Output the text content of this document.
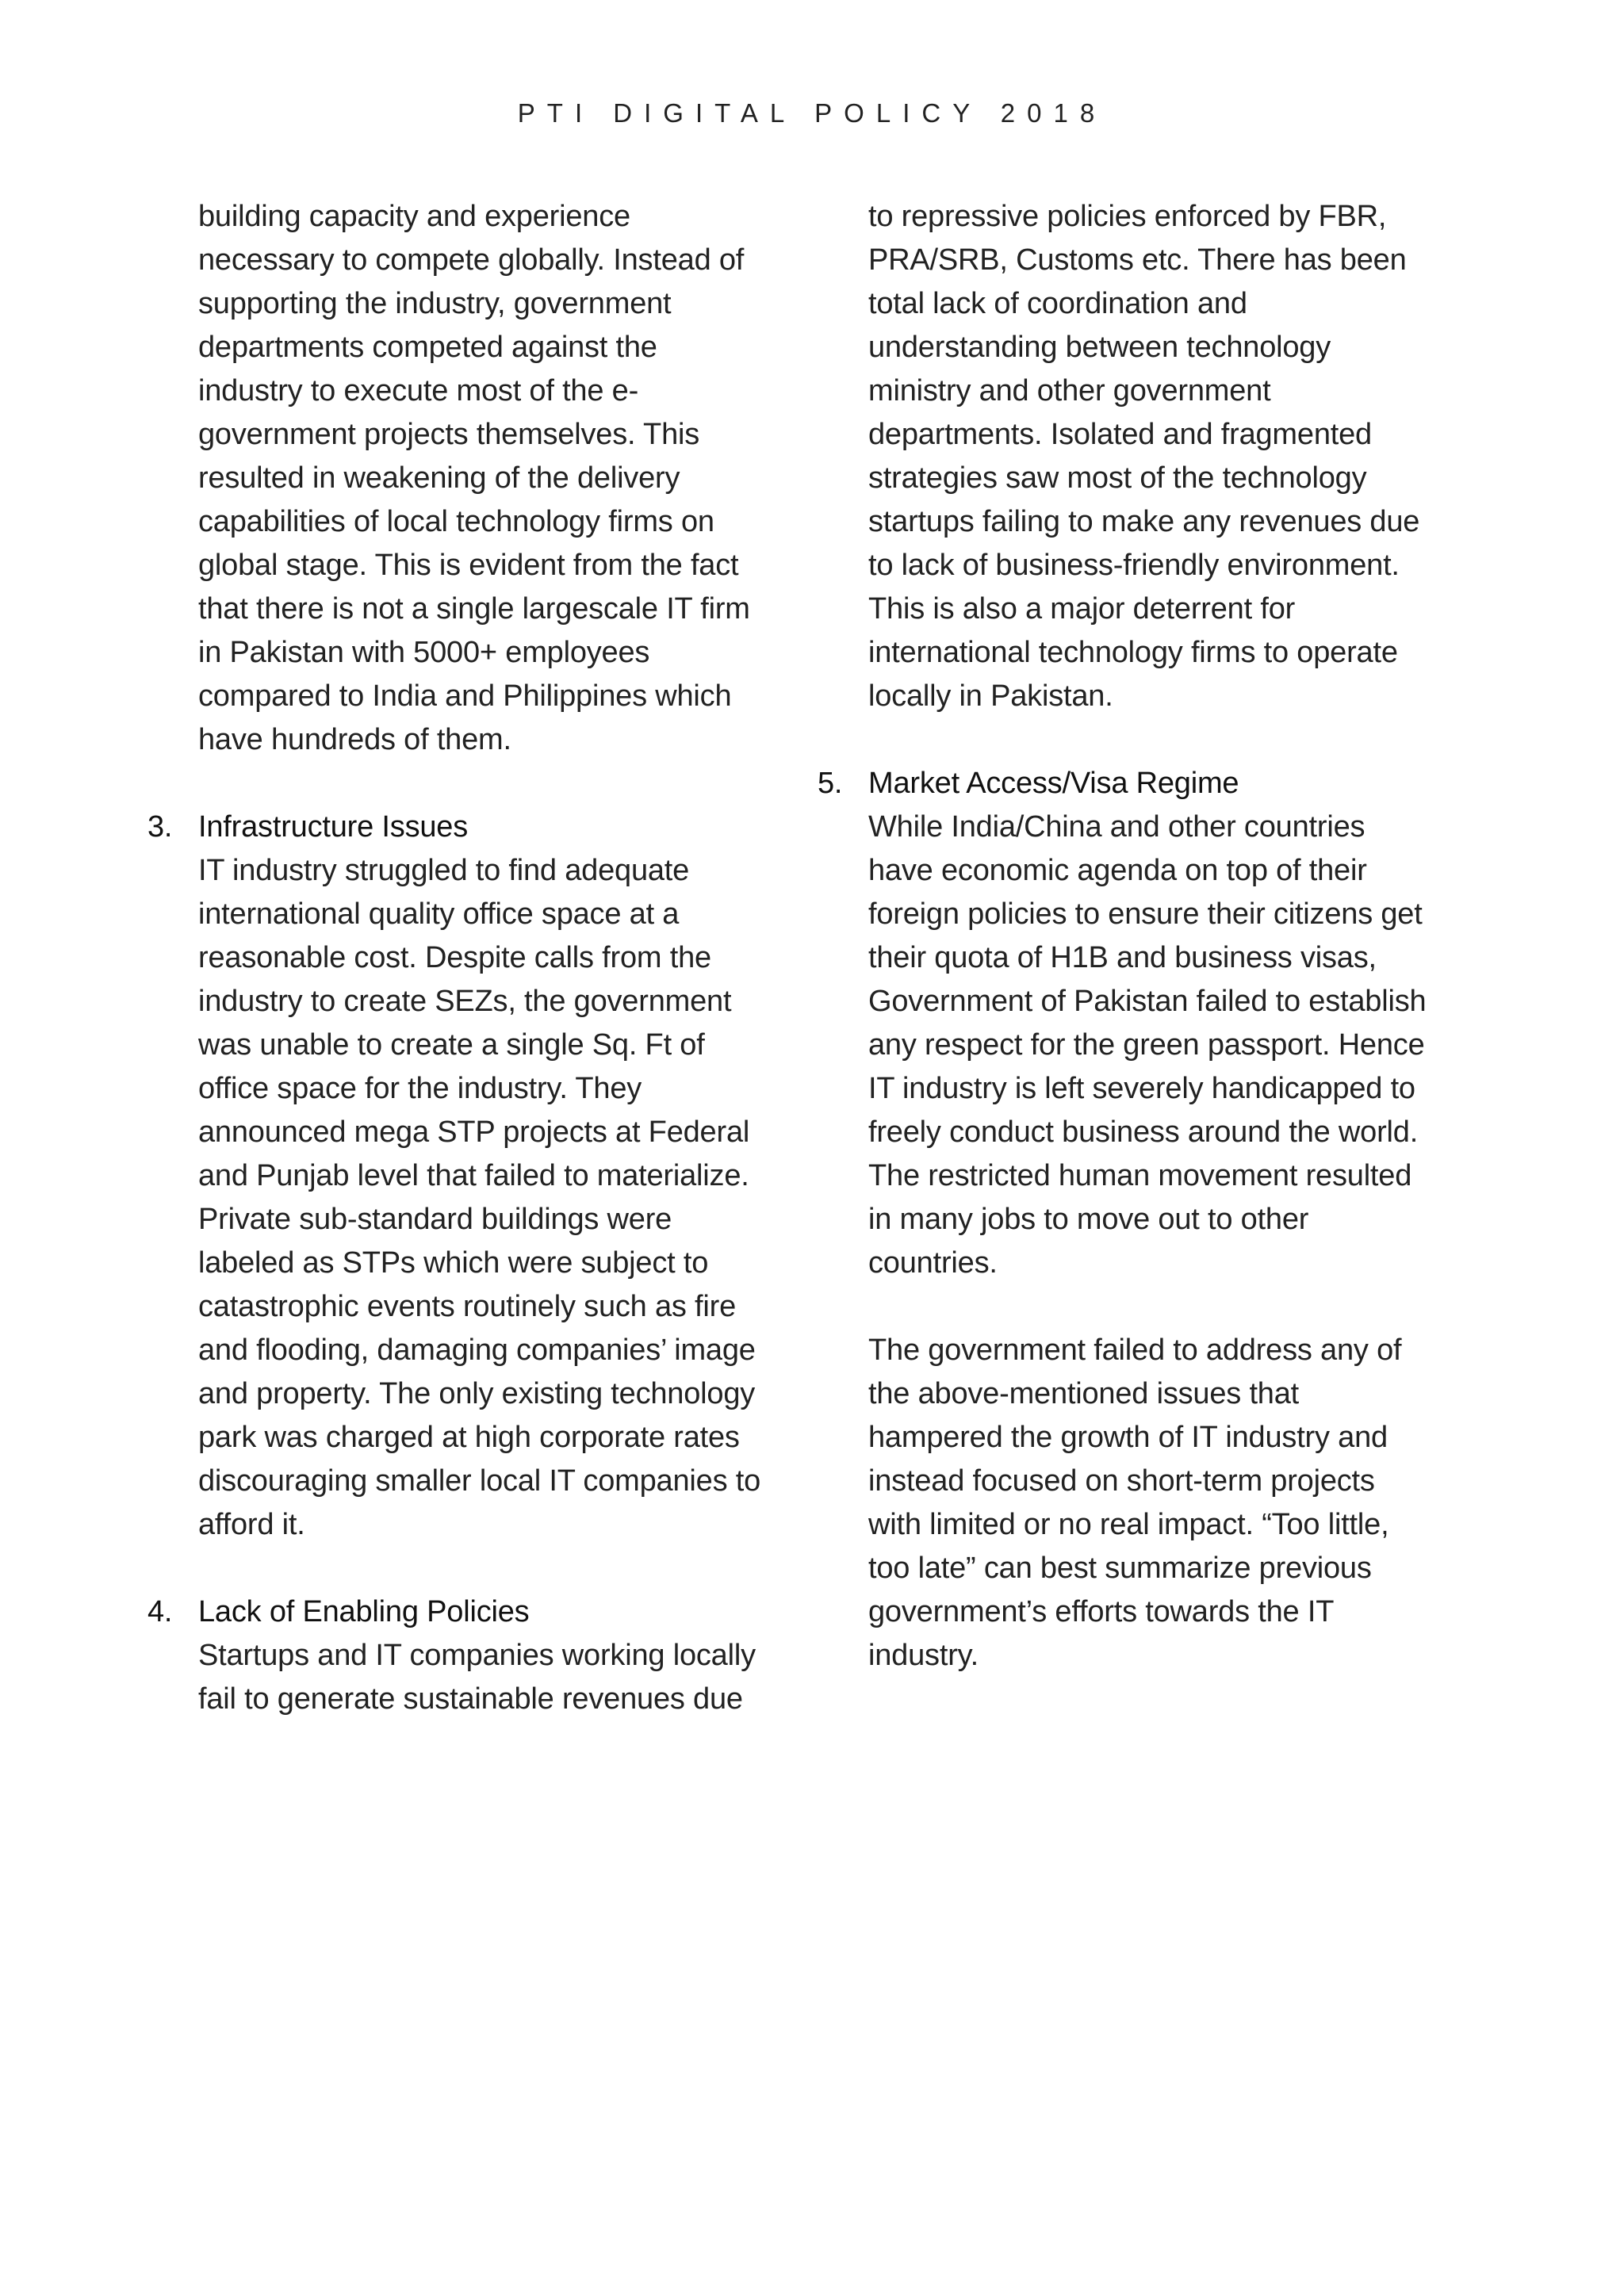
PTI DIGITAL POLICY 2018

building capacity and experience
necessary to compete globally. Instead of
supporting the industry, government
departments competed against the
industry to execute most of the e-
government projects themselves. This
resulted in weakening of the delivery
capabilities of local technology firms on
global stage. This is evident from the fact
that there is not a single largescale IT firm
in Pakistan with 5000+ employees
compared to India and Philippines which
have hundreds of them.

3. Infrastructure Issues

IT industry struggled to find adequate
international quality office space at a
reasonable cost. Despite calls from the
industry to create SEZs, the government
was unable to create a single Sq. Ft of
office space for the industry. They
announced mega STP projects at Federal
and Punjab level that failed to materialize.
Private sub-standard buildings were
labeled as STPs which were subject to
catastrophic events routinely such as fire
and flooding, damaging companies’ image
and property. The only existing technology
park was charged at high corporate rates
discouraging smaller local IT companies to
afford it.

4. Lack of Enabling Policies

Startups and IT companies working locally
fail to generate sustainable revenues due

to repressive policies enforced by FBR,
PRA/SRB, Customs etc. There has been
total lack of coordination and
understanding between technology
ministry and other government
departments. Isolated and fragmented
strategies saw most of the technology
startups failing to make any revenues due
to lack of business-friendly environment.
This is also a major deterrent for
international technology firms to operate
locally in Pakistan.

5. Market Access/Visa Regime

While India/China and other countries
have economic agenda on top of their
foreign policies to ensure their citizens get
their quota of H1B and business visas,
Government of Pakistan failed to establish
any respect for the green passport. Hence
IT industry is left severely handicapped to
freely conduct business around the world.
The restricted human movement resulted
in many jobs to move out to other
countries.

The government failed to address any of
the above-mentioned issues that
hampered the growth of IT industry and
instead focused on short-term projects
with limited or no real impact. “Too little,
too late” can best summarize previous
government’s efforts towards the IT
industry.
